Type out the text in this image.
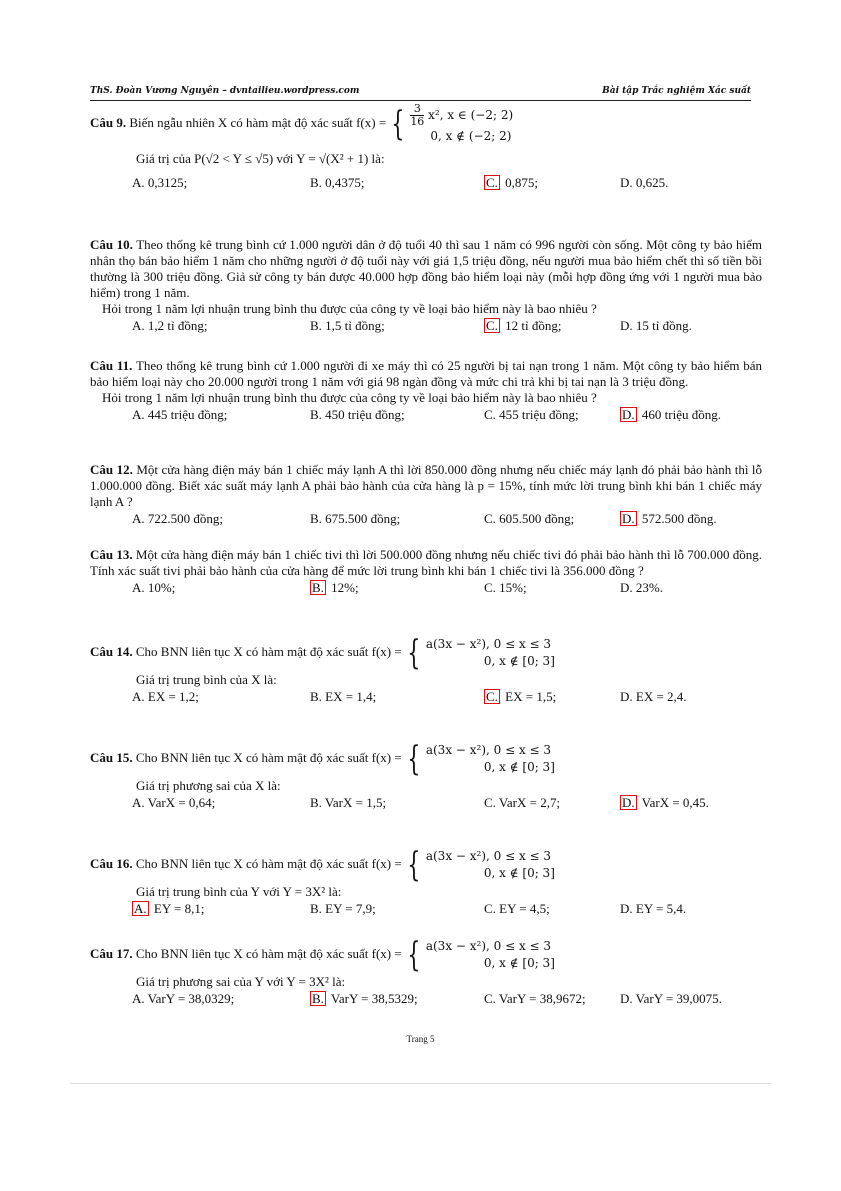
ThS. Đoàn Vương Nguyên – dvntailieu.wordpress.com	Bài tập Trắc nghiệm Xác suất
Câu 9. Biến ngẫu nhiên X có hàm mật độ xác suất f(x) = { $\frac{3}{16} x^2$, x ∈ (−2; 2)
0, x ∉ (−2; 2)
Giá trị của P(√2 < Y ≤ √5) với Y = √(X² + 1) là:
A. 0,3125;	B. 0,4375;	C. 0,875;	D. 0,625.
Câu 10. Theo thống kê trung bình cứ 1.000 người dân ở độ tuổi 40 thì sau 1 năm có 996 người còn sống. Một công ty bảo hiểm nhân thọ bán bảo hiểm 1 năm cho những người ở độ tuổi này với giá 1,5 triệu đồng, nếu người mua bảo hiểm chết thì số tiền bồi thường là 300 triệu đồng. Giả sử công ty bán được 40.000 hợp đồng bảo hiểm loại này (mỗi hợp đồng ứng với 1 người mua bảo hiểm) trong 1 năm.
Hỏi trong 1 năm lợi nhuận trung bình thu được của công ty về loại bảo hiểm này là bao nhiêu ?
A. 1,2 tỉ đồng;	B. 1,5 tỉ đồng;	C. 12 tỉ đồng;	D. 15 tỉ đồng.
Câu 11. Theo thống kê trung bình cứ 1.000 người đi xe máy thì có 25 người bị tai nạn trong 1 năm. Một công ty bảo hiểm bán bảo hiểm loại này cho 20.000 người trong 1 năm với giá 98 ngàn đồng và mức chi trả khi bị tai nạn là 3 triệu đồng.
Hỏi trong 1 năm lợi nhuận trung bình thu được của công ty về loại bảo hiểm này là bao nhiêu ?
A. 445 triệu đồng;	B. 450 triệu đồng;	C. 455 triệu đồng;	D. 460 triệu đồng.
Câu 12. Một cửa hàng điện máy bán 1 chiếc máy lạnh A thì lời 850.000 đồng nhưng nếu chiếc máy lạnh đó phải bảo hành thì lỗ 1.000.000 đồng. Biết xác suất máy lạnh A phải bảo hành của cửa hàng là p = 15%, tính mức lời trung bình khi bán 1 chiếc máy lạnh A ?
A. 722.500 đồng;	B. 675.500 đồng;	C. 605.500 đồng;	D. 572.500 đồng.
Câu 13. Một cửa hàng điện máy bán 1 chiếc tivi thì lời 500.000 đồng nhưng nếu chiếc tivi đó phải bảo hành thì lỗ 700.000 đồng. Tính xác suất tivi phải bảo hành của cửa hàng để mức lời trung bình khi bán 1 chiếc tivi là 356.000 đồng ?
A. 10%;	B. 12%;	C. 15%;	D. 23%.
Câu 14. Cho BNN liên tục X có hàm mật độ xác suất f(x) = { a(3x − x²), 0 ≤ x ≤ 3
0, x ∉ [0; 3]
Giá trị trung bình của X là:
A. EX = 1,2;	B. EX = 1,4;	C. EX = 1,5;	D. EX = 2,4.
Câu 15. Cho BNN liên tục X có hàm mật độ xác suất f(x) = { a(3x − x²), 0 ≤ x ≤ 3
0, x ∉ [0; 3]
Giá trị phương sai của X là:
A. VarX = 0,64;	B. VarX = 1,5;	C. VarX = 2,7;	D. VarX = 0,45.
Câu 16. Cho BNN liên tục X có hàm mật độ xác suất f(x) = { a(3x − x²), 0 ≤ x ≤ 3
0, x ∉ [0; 3]
Giá trị trung bình của Y với Y = 3X² là:
A. EY = 8,1;	B. EY = 7,9;	C. EY = 4,5;	D. EY = 5,4.
Câu 17. Cho BNN liên tục X có hàm mật độ xác suất f(x) = { a(3x − x²), 0 ≤ x ≤ 3
0, x ∉ [0; 3]
Giá trị phương sai của Y với Y = 3X² là:
A. VarY = 38,0329;	B. VarY = 38,5329;	C. VarY = 38,9672;	D. VarY = 39,0075.
Trang 5
